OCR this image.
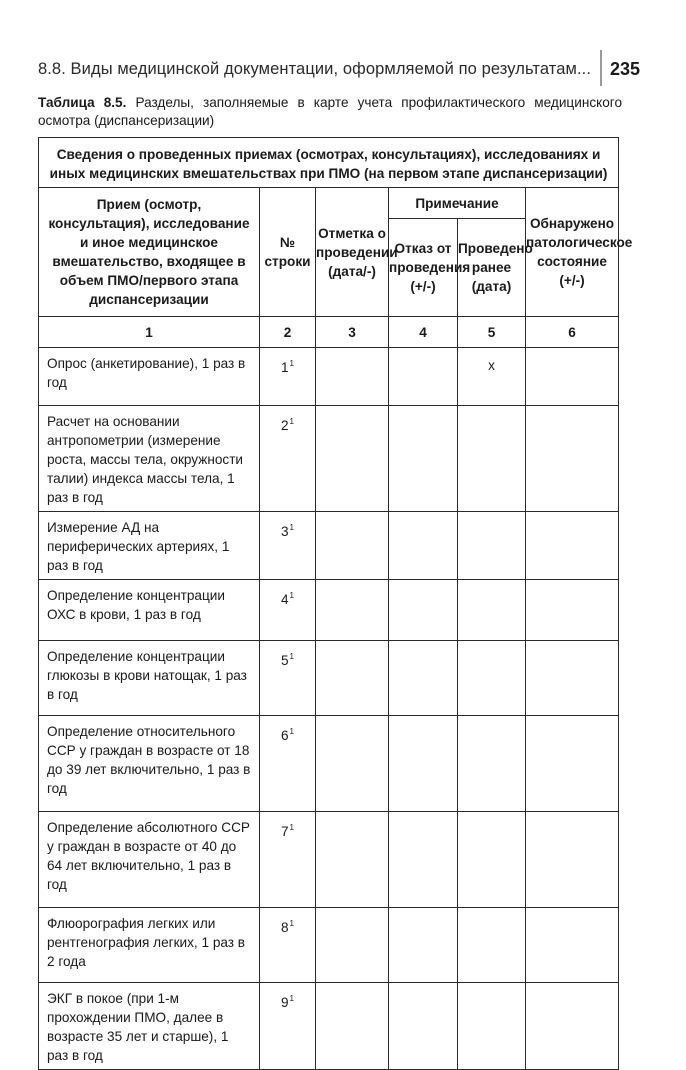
8.8. Виды медицинской документации, оформляемой по результатам... 235
Таблица 8.5. Разделы, заполняемые в карте учета профилактического медицинского осмотра (диспансеризации)
Сведения о проведенных приемах (осмотрах, консультациях), исследованиях и иных медицинских вмешательствах при ПМО (на первом этапе диспансеризации)					
Прием (осмотр, консультация), исследование и иное медицинское вмешательство, входящее в объем ПМО/первого этапа диспансеризации	№ строки	Отметка о проведении (дата/-)	Примечание		Обнаружено патологическое состояние (+/-)
			Отказ от проведения (+/-)	Проведено ранее (дата)	
1	2	3	4	5	6
Опрос (анкетирование), 1 раз в год	$1^1$			x	
Расчет на основании антропометрии (измерение роста, массы тела, окружности талии) индекса массы тела, 1 раз в год	$2^1$				
Измерение АД на периферических артериях, 1 раз в год	$3^1$				
Определение концентрации ОХС в крови, 1 раз в год	$4^1$				
Определение концентрации глюкозы в крови натощак, 1 раз в год	$5^1$				
Определение относительного ССР у граждан в возрасте от 18 до 39 лет включительно, 1 раз в год	$6^1$				
Определение абсолютного ССР у граждан в возрасте от 40 до 64 лет включительно, 1 раз в год	$7^1$				
Флюорография легких или рентгенография легких, 1 раз в 2 года	$8^1$				
ЭКГ в покое (при 1-м прохождении ПМО, далее в возрасте 35 лет и старше), 1 раз в год	$9^1$				
